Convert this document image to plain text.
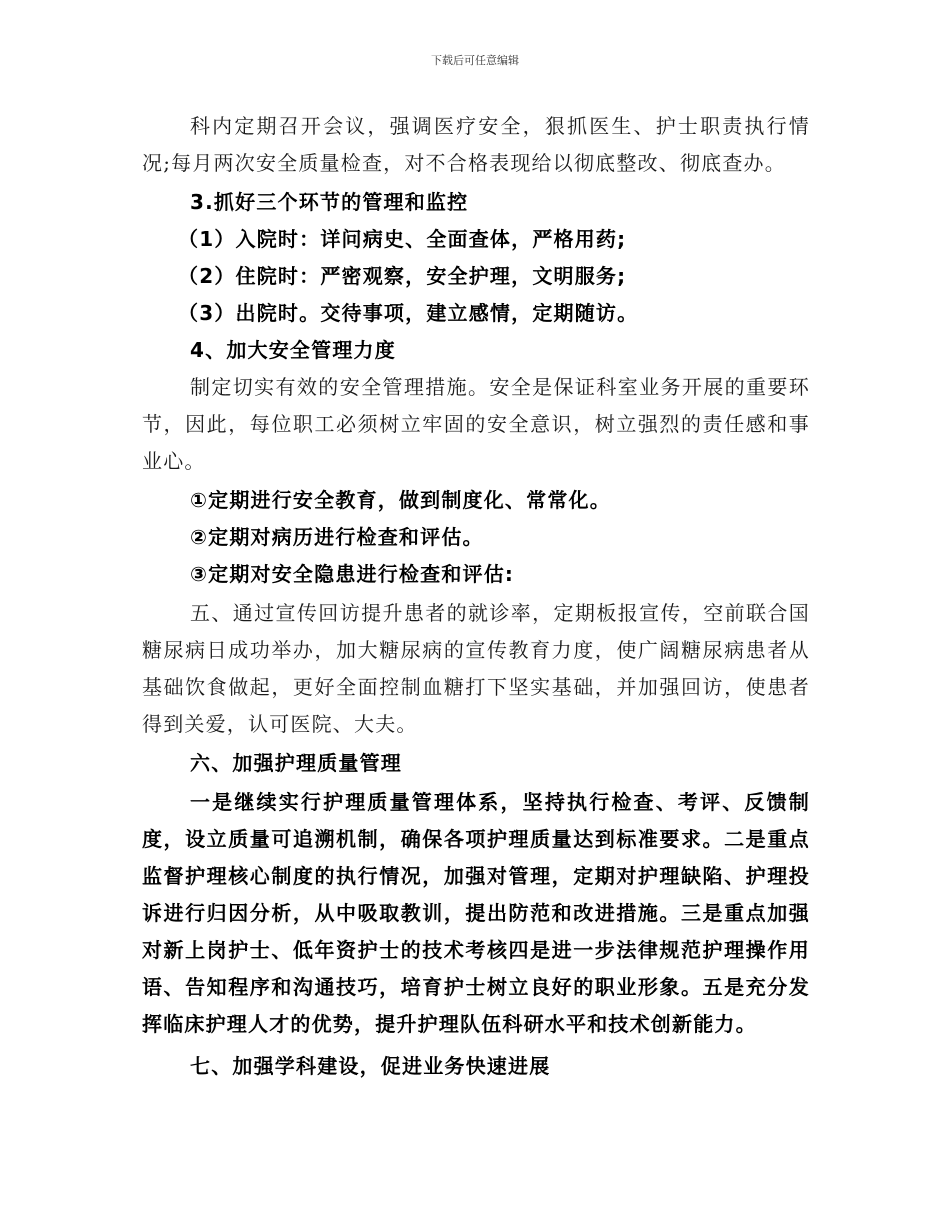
下载后可任意编辑

科内定期召开会议，强调医疗安全，狠抓医生、护士职责执行情况;每月两次安全质量检查，对不合格表现给以彻底整改、彻底查办。

3.抓好三个环节的管理和监控

（1）入院时：详问病史、全面查体，严格用药;

（2）住院时：严密观察，安全护理，文明服务;

（3）出院时。交待事项，建立感情，定期随访。

4、加大安全管理力度

制定切实有效的安全管理措施。安全是保证科室业务开展的重要环节，因此，每位职工必须树立牢固的安全意识，树立强烈的责任感和事业心。

①定期进行安全教育，做到制度化、常常化。

②定期对病历进行检查和评估。

③定期对安全隐患进行检查和评估:

五、通过宣传回访提升患者的就诊率，定期板报宣传，空前联合国糖尿病日成功举办，加大糖尿病的宣传教育力度，使广阔糖尿病患者从基础饮食做起，更好全面控制血糖打下坚实基础，并加强回访，使患者得到关爱，认可医院、大夫。

六、加强护理质量管理

一是继续实行护理质量管理体系，坚持执行检查、考评、反馈制度，设立质量可追溯机制，确保各项护理质量达到标准要求。二是重点监督护理核心制度的执行情况，加强对管理，定期对护理缺陷、护理投诉进行归因分析，从中吸取教训，提出防范和改进措施。三是重点加强对新上岗护士、低年资护士的技术考核四是进一步法律规范护理操作用语、告知程序和沟通技巧，培育护士树立良好的职业形象。五是充分发挥临床护理人才的优势，提升护理队伍科研水平和技术创新能力。

七、加强学科建设，促进业务快速进展
